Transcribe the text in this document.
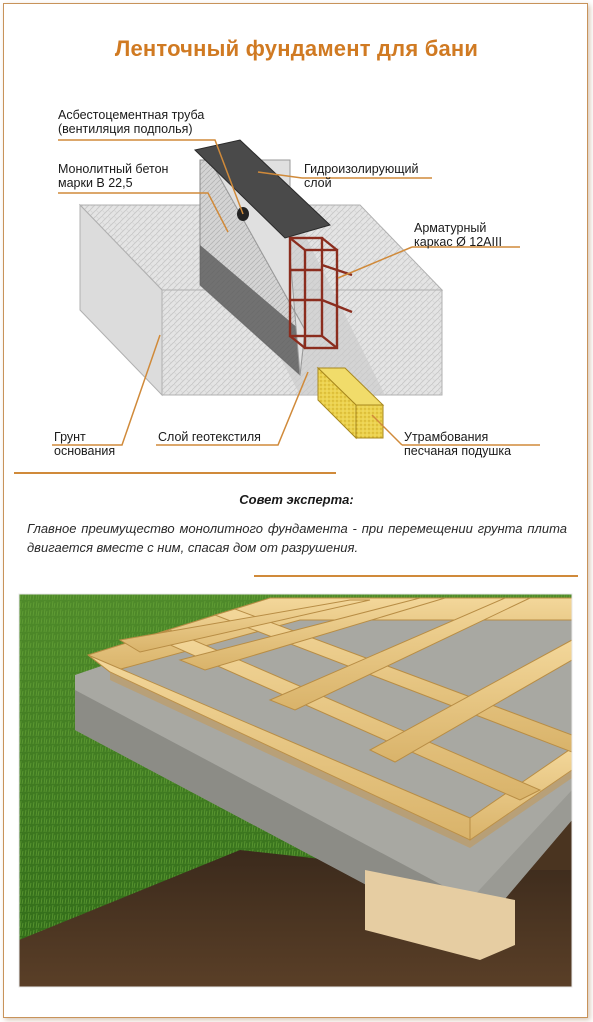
Ленточный фундамент для бани
Асбестоцементная труба
(вентиляция подполья)
Монолитный бетон
марки В 22,5
Гидроизолирующий
слой
Арматурный
каркас Ø 12AIII
Грунт
основания
Слой геотекстиля	Утрамбования
песчаная подушка
Совет эксперта:
Главное преимущество монолитного фундамента - при перемещении грунта плита двигается вместе с ним, спасая дом от разрушения.
